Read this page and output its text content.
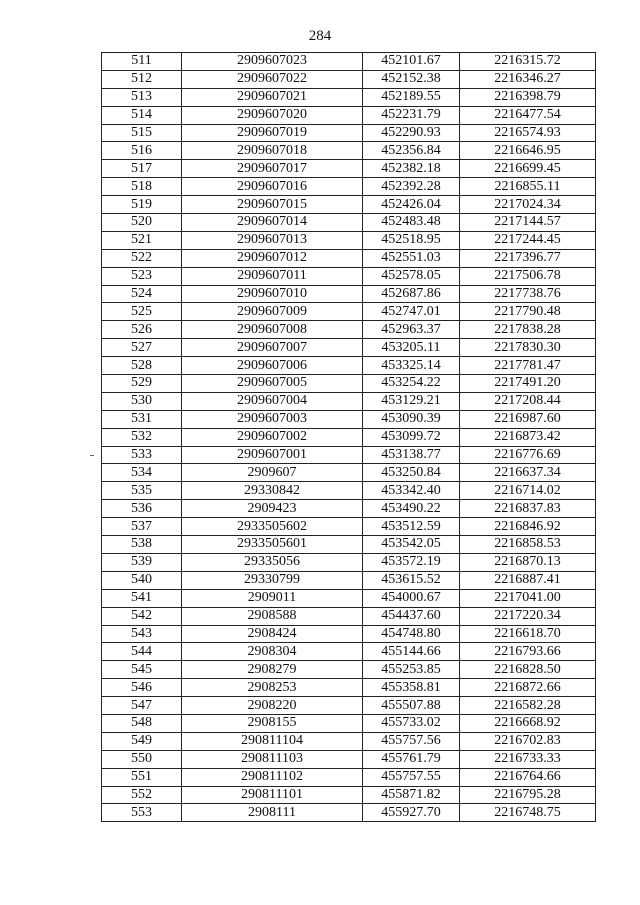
284
511	2909607023	452101.67	2216315.72
512	2909607022	452152.38	2216346.27
513	2909607021	452189.55	2216398.79
514	2909607020	452231.79	2216477.54
515	2909607019	452290.93	2216574.93
516	2909607018	452356.84	2216646.95
517	2909607017	452382.18	2216699.45
518	2909607016	452392.28	2216855.11
519	2909607015	452426.04	2217024.34
520	2909607014	452483.48	2217144.57
521	2909607013	452518.95	2217244.45
522	2909607012	452551.03	2217396.77
523	2909607011	452578.05	2217506.78
524	2909607010	452687.86	2217738.76
525	2909607009	452747.01	2217790.48
526	2909607008	452963.37	2217838.28
527	2909607007	453205.11	2217830.30
528	2909607006	453325.14	2217781.47
529	2909607005	453254.22	2217491.20
530	2909607004	453129.21	2217208.44
531	2909607003	453090.39	2216987.60
532	2909607002	453099.72	2216873.42
533	2909607001	453138.77	2216776.69
534	2909607	453250.84	2216637.34
535	29330842	453342.40	2216714.02
536	2909423	453490.22	2216837.83
537	2933505602	453512.59	2216846.92
538	2933505601	453542.05	2216858.53
539	29335056	453572.19	2216870.13
540	29330799	453615.52	2216887.41
541	2909011	454000.67	2217041.00
542	2908588	454437.60	2217220.34
543	2908424	454748.80	2216618.70
544	2908304	455144.66	2216793.66
545	2908279	455253.85	2216828.50
546	2908253	455358.81	2216872.66
547	2908220	455507.88	2216582.28
548	2908155	455733.02	2216668.92
549	290811104	455757.56	2216702.83
550	290811103	455761.79	2216733.33
551	290811102	455757.55	2216764.66
552	290811101	455871.82	2216795.28
553	2908111	455927.70	2216748.75
